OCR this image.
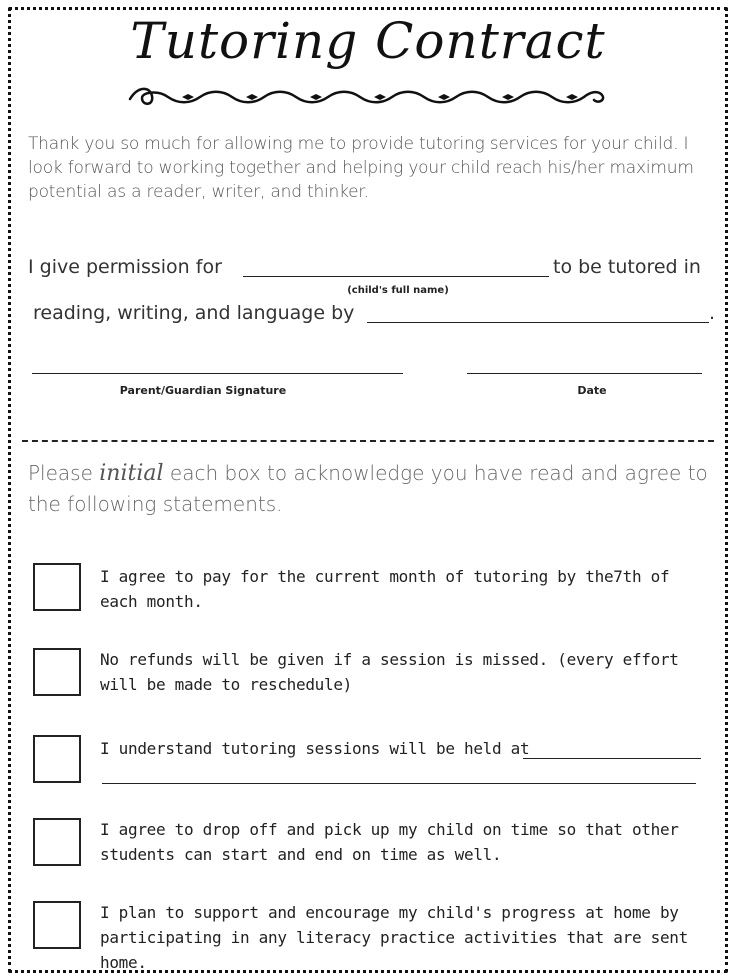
Tutoring Contract
Thank you so much for allowing me to provide tutoring services for your child. I look forward to working together and helping your child reach his/her maximum potential as a reader, writer, and thinker.
I give permission for	to be tutored in
(child's full name)
reading, writing, and language by	.
Parent/Guardian Signature	Date
Please initial each box to acknowledge you have read and agree to the following statements.
I agree to pay for the current month of tutoring by the7th of each month.
No refunds will be given if a session is missed. (every effort will be made to reschedule)
I understand tutoring sessions will be held at
I agree to drop off and pick up my child on time so that other students can start and end on time as well.
I plan to support and encourage my child's progress at home by participating in any literacy practice activities that are sent home.
